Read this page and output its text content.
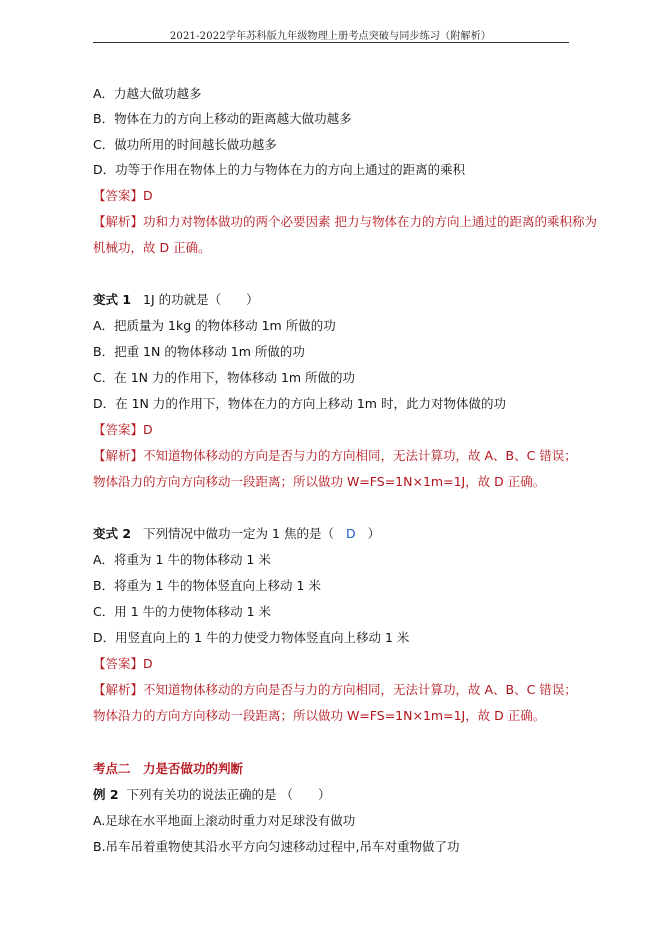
2021-2022学年苏科版九年级物理上册考点突破与同步练习（附解析）
A．力越大做功越多
B．物体在力的方向上移动的距离越大做功越多
C．做功所用的时间越长做功越多
D．功等于作用在物体上的力与物体在力的方向上通过的距离的乘积
【答案】D
【解析】功和力对物体做功的两个必要因素 把力与物体在力的方向上通过的距离的乘积称为
机械功，故 D 正确。
变式 1 1J 的功就是（　　）
A．把质量为 1kg 的物体移动 1m 所做的功
B．把重 1N 的物体移动 1m 所做的功
C．在 1N 力的作用下，物体移动 1m 所做的功
D．在 1N 力的作用下，物体在力的方向上移动 1m 时，此力对物体做的功
【答案】D
【解析】不知道物体移动的方向是否与力的方向相同，无法计算功，故 A、B、C 错误；
物体沿力的方向方向移动一段距离；所以做功 W=FS=1N×1m=1J，故 D 正确。
变式 2 下列情况中做功一定为 1 焦的是（ D ）
A．将重为 1 牛的物体移动 1 米
B．将重为 1 牛的物体竖直向上移动 1 米
C．用 1 牛的力使物体移动 1 米
D．用竖直向上的 1 牛的力使受力物体竖直向上移动 1 米
【答案】D
【解析】不知道物体移动的方向是否与力的方向相同，无法计算功，故 A、B、C 错误；
物体沿力的方向方向移动一段距离；所以做功 W=FS=1N×1m=1J，故 D 正确。
考点二　力是否做功的判断
例 2 下列有关功的说法正确的是 （　　）
A.足球在水平地面上滚动时重力对足球没有做功
B.吊车吊着重物使其沿水平方向匀速移动过程中,吊车对重物做了功
